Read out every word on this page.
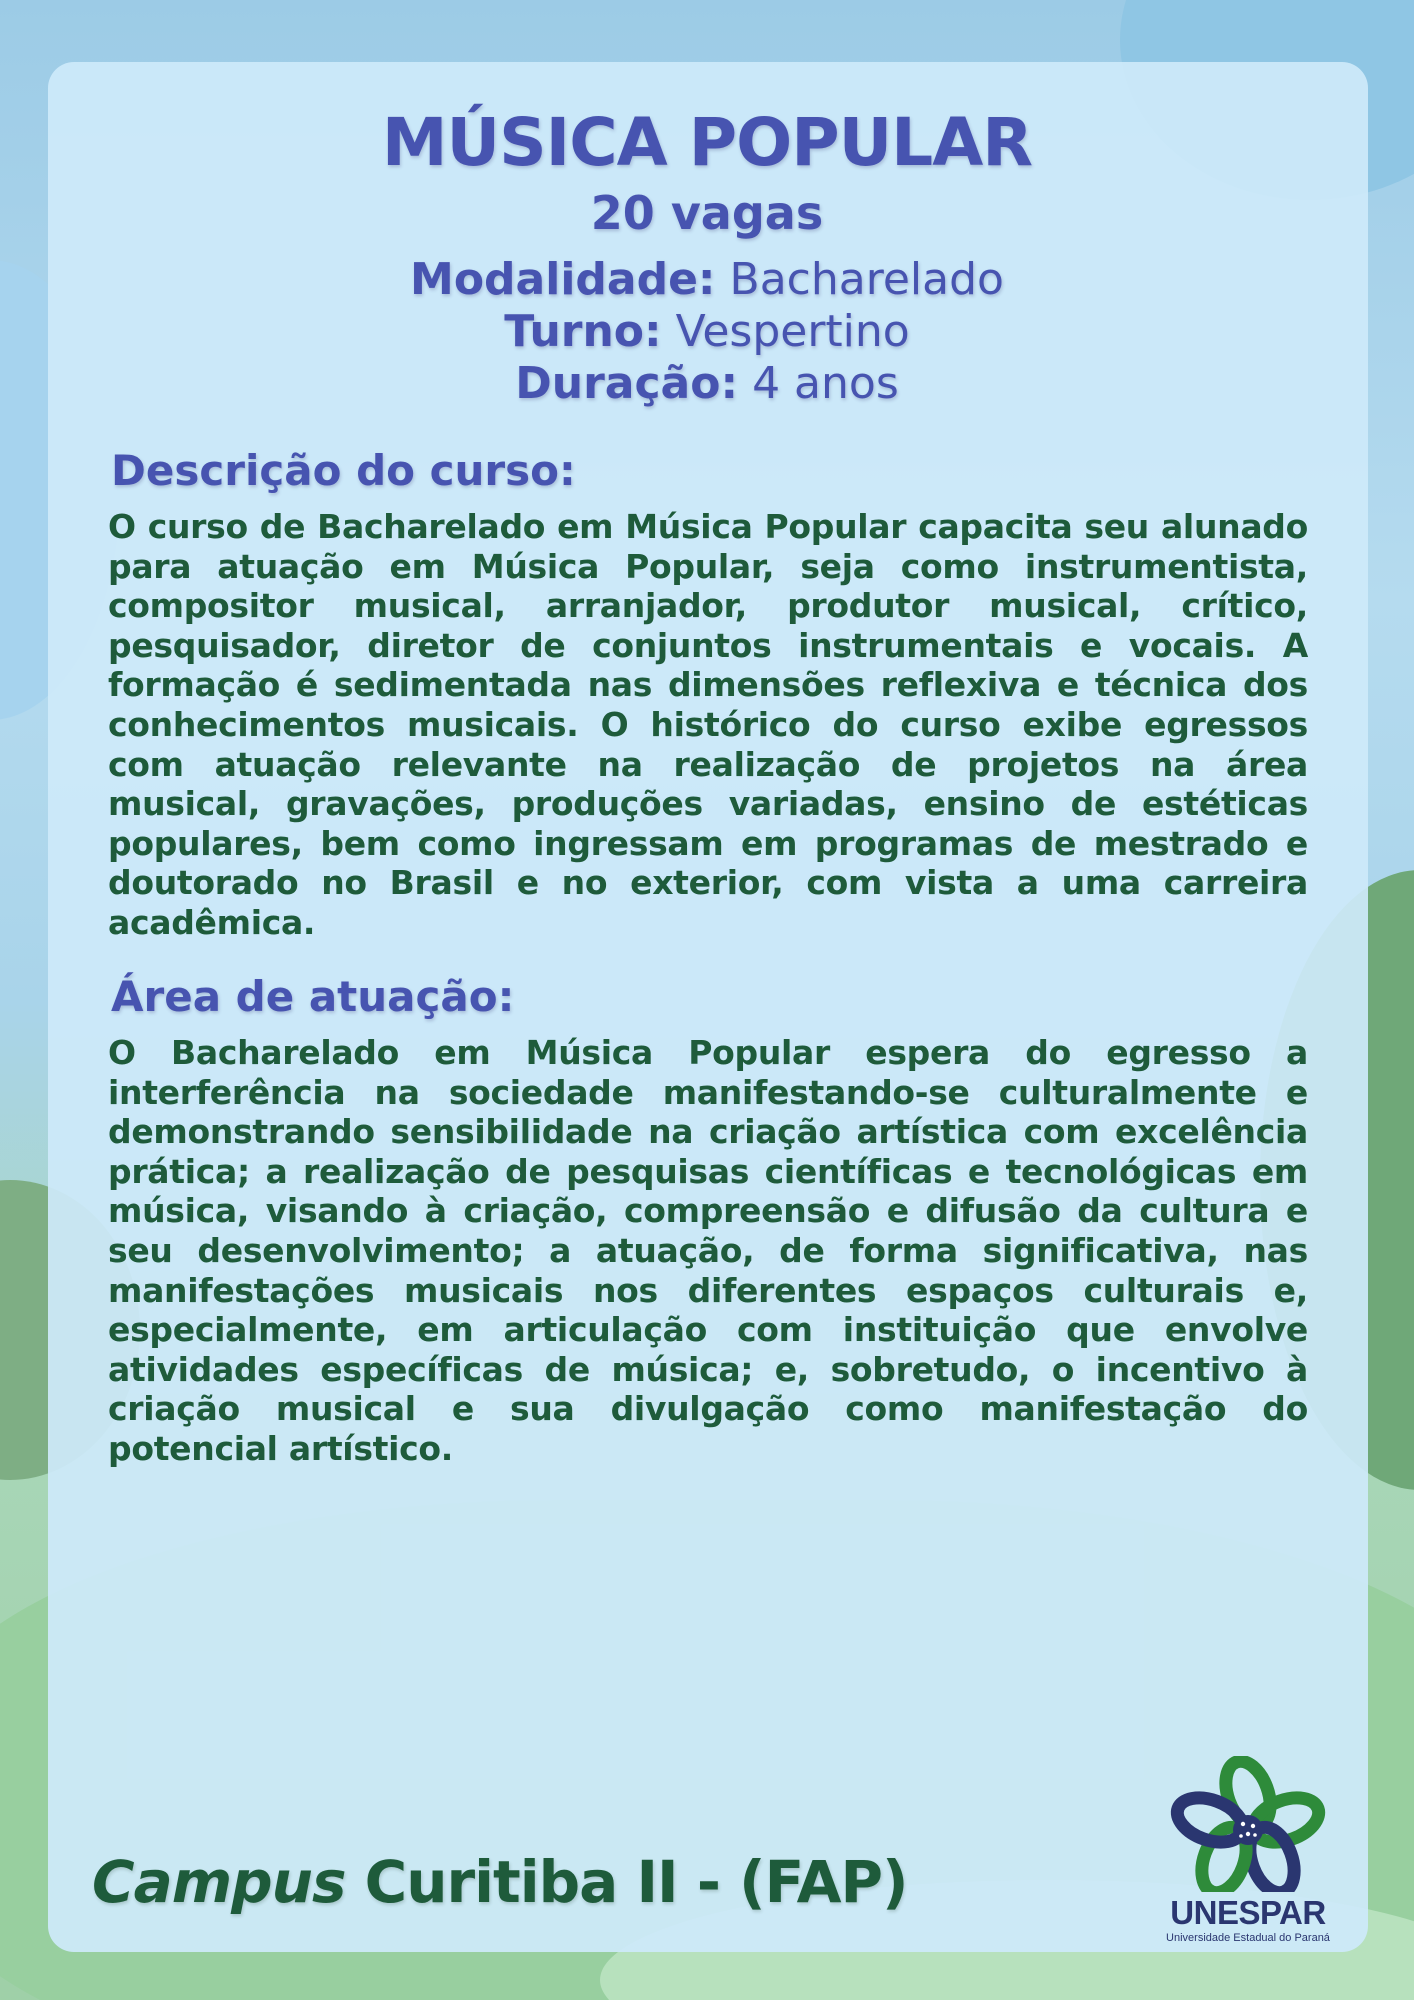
MÚSICA POPULAR
20 vagas
Modalidade: Bacharelado
Turno: Vespertino
Duração: 4 anos
Descrição do curso:

O curso de Bacharelado em Música Popular capacita seu alunado para atuação em Música Popular, seja como instrumentista, compositor musical, arranjador, produtor musical, crítico, pesquisador, diretor de conjuntos instrumentais e vocais. A formação é sedimentada nas dimensões reflexiva e técnica dos conhecimentos musicais. O histórico do curso exibe egressos com atuação relevante na realização de projetos na área musical, gravações, produções variadas, ensino de estéticas populares, bem como ingressam em programas de mestrado e doutorado no Brasil e no exterior, com vista a uma carreira acadêmica.

Área de atuação:

O Bacharelado em Música Popular espera do egresso a interferência na sociedade manifestando-se culturalmente e demonstrando sensibilidade na criação artística com excelência prática; a realização de pesquisas científicas e tecnológicas em música, visando à criação, compreensão e difusão da cultura e seu desenvolvimento; a atuação, de forma significativa, nas manifestações musicais nos diferentes espaços culturais e, especialmente, em articulação com instituição que envolve atividades específicas de música; e, sobretudo, o incentivo à criação musical e sua divulgação como manifestação do potencial artístico.

Campus Curitiba II - (FAP)	UNESPAR
Universidade Estadual do Paraná
